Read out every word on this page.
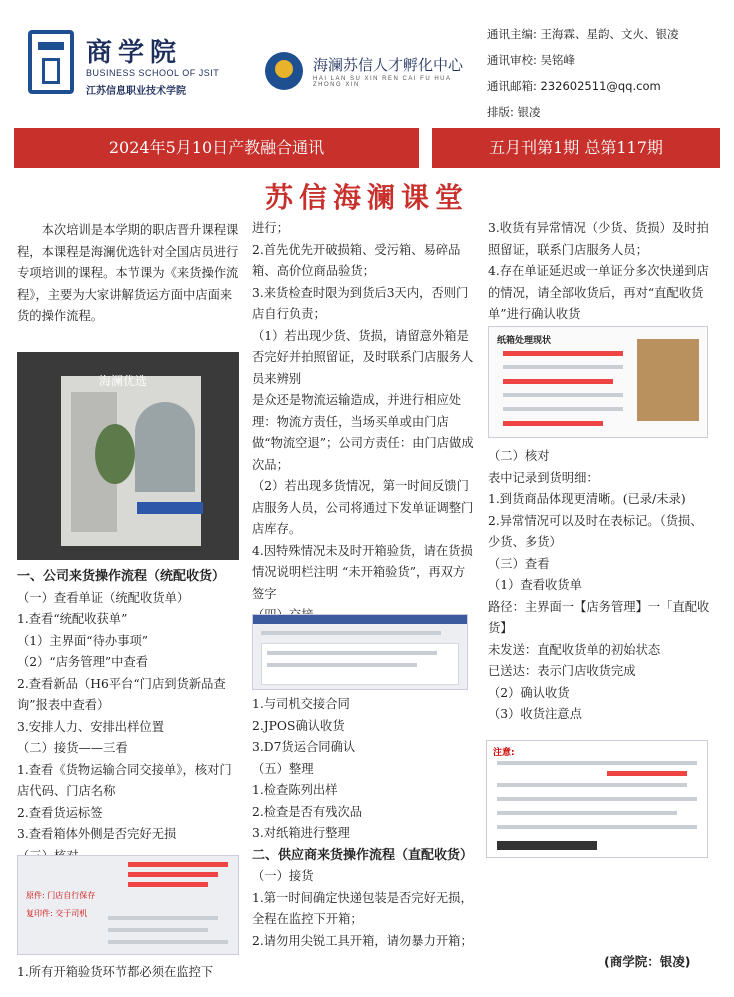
商学院
BUSINESS SCHOOL OF JSIT
江苏信息职业技术学院
海澜苏信人才孵化中心
HAI LAN SU XIN REN CAI FU HUA ZHONG XIN
通讯主编: 王海霖、星韵、文火、银凌
通讯审校: 吴铭峰
通讯邮箱: 232602511@qq.com
排版: 银凌
2024年5月10日产教融合通讯	五月刊第1期 总第117期
苏信海澜课堂
本次培训是本学期的职店晋升课程课程，本课程是海澜优选针对全国店员进行专项培训的课程。本节课为《来货操作流程》，主要为大家讲解货运方面中店面来货的操作流程。
海澜优选
一、公司来货操作流程（统配收货）
（一）查看单证（统配收货单）
1.查看“统配收获单”
（1）主界面“待办事项”
（2）“店务管理”中查看
2.查看新品（H6平台“门店到货新品查询”报表中查看）
3.安排人力、安排出样位置
（二）接货——三看
1.查看《货物运输合同交接单》，核对门店代码、门店名称
2.查看货运标签
3.查看箱体外侧是否完好无损
原件: 门店自行保存
复印件: 交于司机
1.所有开箱验货环节都必须在监控下
进行；
2.首先优先开破损箱、受污箱、易碎品箱、高价位商品验货；
3.来货检查时限为到货后3天内，否则门店自行负责；
（1）若出现少货、货损，请留意外箱是否完好并拍照留证，及时联系门店服务人员来辨别
是众还是物流运输造成，并进行相应处理：物流方责任，当场买单或由门店做“物流空退”；公司方责任：由门店做成次品；
（2）若出现多货情况，第一时间反馈门店服务人员，公司将通过下发单证调整门店库存。
4.因特殊情况未及时开箱验货，请在货损情况说明栏注明 “未开箱验货”，再双方签字
1.与司机交接合同
2.JPOS确认收货
3.D7货运合同确认
（五）整理
1.检查陈列出样
2.检查是否有残次品
3.对纸箱进行整理
二、供应商来货操作流程（直配收货）
（一）接货
1.第一时间确定快递包装是否完好无损，全程在监控下开箱；
2.请勿用尖锐工具开箱，请勿暴力开箱；
3.收货有异常情况（少货、货损）及时拍照留证，联系门店服务人员；
4.存在单证延迟或一单证分多次快递到店的情况，请全部收货后，再对“直配收货单”进行确认收货
纸箱处理现状
（二）核对
表中记录到货明细：
1.到货商品体现更清晰。(已录/未录)
2.异常情况可以及时在表标记。（货损、少货、多货）
（三）查看
（1）查看收货单
路径：主界面一【店务管理】一「直配收货】
未发送：直配收货单的初始状态
已送达：表示门店收货完成
（2）确认收货
（3）收货注意点
注意:
(商学院：银凌)
